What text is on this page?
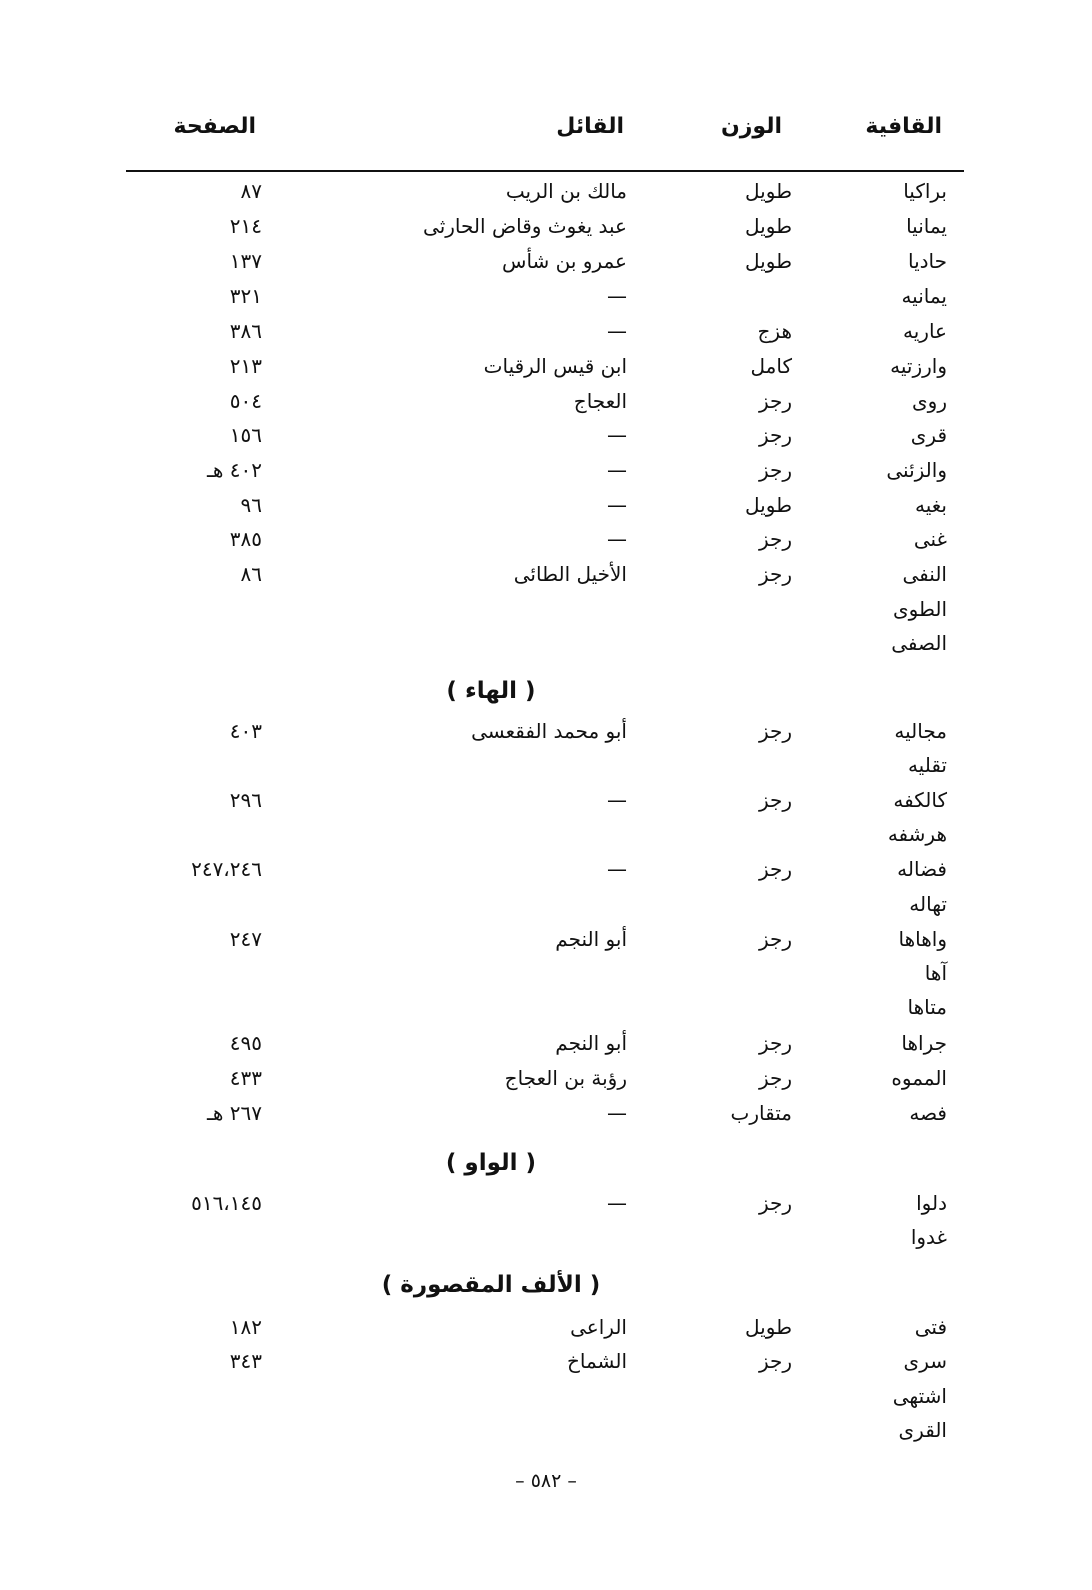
القافية
الوزن
القائل
الصفحة
براكيا
طويل
مالك بن الريب
٨٧
يمانيا
طويل
عبد يغوث وقاض الحارثى
٢١٤
حاديا
طويل
عمرو بن شأس
١٣٧
يمانيه
—
٣٢١
عاريه
هزج
—
٣٨٦
وارزتيه
كامل
ابن قيس الرقيات
٢١٣
روى
رجز
العجاج
٥٠٤
قرى
رجز
—
١٥٦
والزئنى
رجز
—
٤٠٢ هـ
بغيه
طويل
—
٩٦
غنى
رجز
—
٣٨٥
النفى
رجز
الأخيل الطائى
٨٦
الطوى
الصفى
( الهاء )
مجاليه
رجز
أبو محمد الفقعسى
٤٠٣
تقليه
كالكفه
رجز
—
٢٩٦
هرشفه
فضاله
رجز
—
٢٤٧،٢٤٦
تهاله
واهاها
رجز
أبو النجم
٢٤٧
آها
متاها
جراها
رجز
أبو النجم
٤٩٥
المموه
رجز
رؤبة بن العجاج
٤٣٣
فصه
متقارب
—
٢٦٧ هـ
( الواو )
دلوا
رجز
—
٥١٦،١٤٥
غدوا
( الألف المقصورة )
فتى
طويل
الراعى
١٨٢
سرى
رجز
الشماخ
٣٤٣
اشتهى
القرى
– ٥٨٢ –
